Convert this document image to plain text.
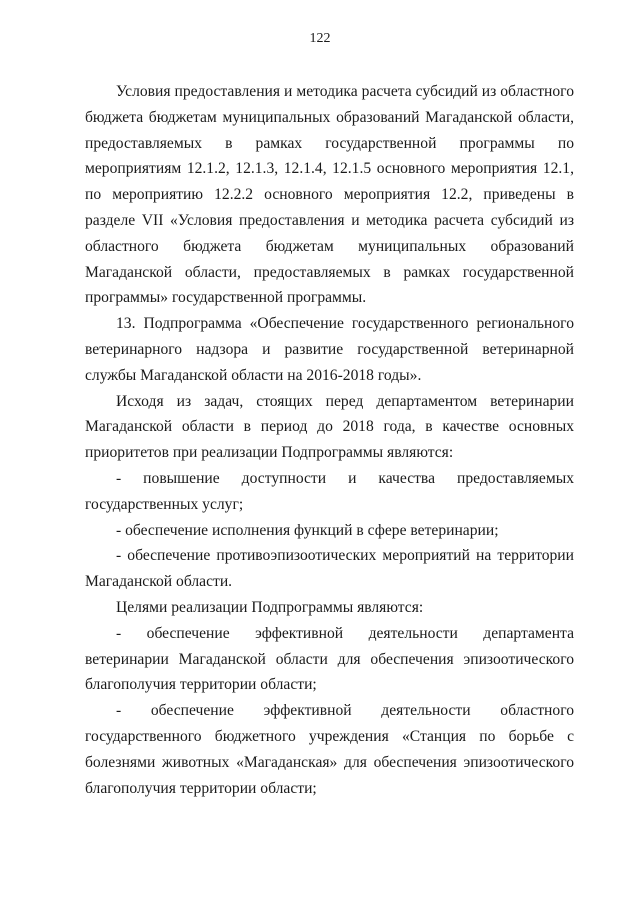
122

Условия предоставления и методика расчета субсидий из областного бюджета бюджетам муниципальных образований Магаданской области, предоставляемых в рамках государственной программы по мероприятиям 12.1.2, 12.1.3, 12.1.4, 12.1.5 основного мероприятия 12.1, по мероприятию 12.2.2 основного мероприятия 12.2, приведены в разделе VII «Условия предоставления и методика расчета субсидий из областного бюджета бюджетам муниципальных образований Магаданской области, предоставляемых в рамках государственной программы» государственной программы.

13. Подпрограмма «Обеспечение государственного регионального ветеринарного надзора и развитие государственной ветеринарной службы Магаданской области на 2016-2018 годы».

Исходя из задач, стоящих перед департаментом ветеринарии Магаданской области в период до 2018 года, в качестве основных приоритетов при реализации Подпрограммы являются:

- повышение доступности и качества предоставляемых государственных услуг;

- обеспечение исполнения функций в сфере ветеринарии;

- обеспечение противоэпизоотических мероприятий на территории Магаданской области.

Целями реализации Подпрограммы являются:

- обеспечение эффективной деятельности департамента ветеринарии Магаданской области для обеспечения эпизоотического благополучия территории области;

- обеспечение эффективной деятельности областного государственного бюджетного учреждения «Станция по борьбе с болезнями животных «Магаданская» для обеспечения эпизоотического благополучия территории области;
